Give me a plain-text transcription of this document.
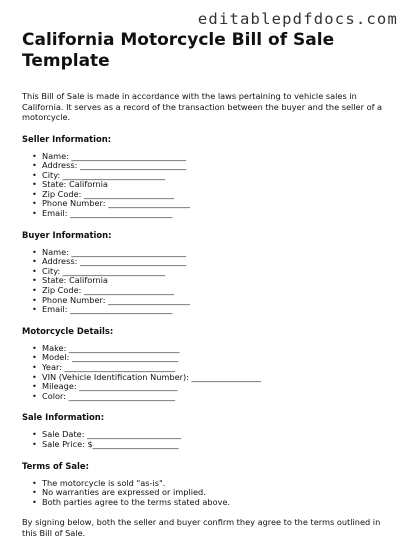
editablepdfdocs.com
California Motorcycle Bill of Sale Template

This Bill of Sale is made in accordance with the laws pertaining to vehicle sales in California. It serves as a record of the transaction between the buyer and the seller of a motorcycle.

Seller Information:
• Name: ____________________________
• Address: __________________________
• City: _________________________
• State: California
• Zip Code: ______________________
• Phone Number: ____________________
• Email: _________________________
Buyer Information:
• Name: ____________________________
• Address: __________________________
• City: _________________________
• State: California
• Zip Code: ______________________
• Phone Number: ____________________
• Email: _________________________
Motorcycle Details:
• Make: ___________________________
• Model: __________________________
• Year: ___________________________
• VIN (Vehicle Identification Number): _________________
• Mileage: ________________________
• Color: __________________________
Sale Information:
• Sale Date: _______________________
• Sale Price: $_____________________
Terms of Sale:
• The motorcycle is sold "as-is".
• No warranties are expressed or implied.
• Both parties agree to the terms stated above.

By signing below, both the seller and buyer confirm they agree to the terms outlined in this Bill of Sale.
